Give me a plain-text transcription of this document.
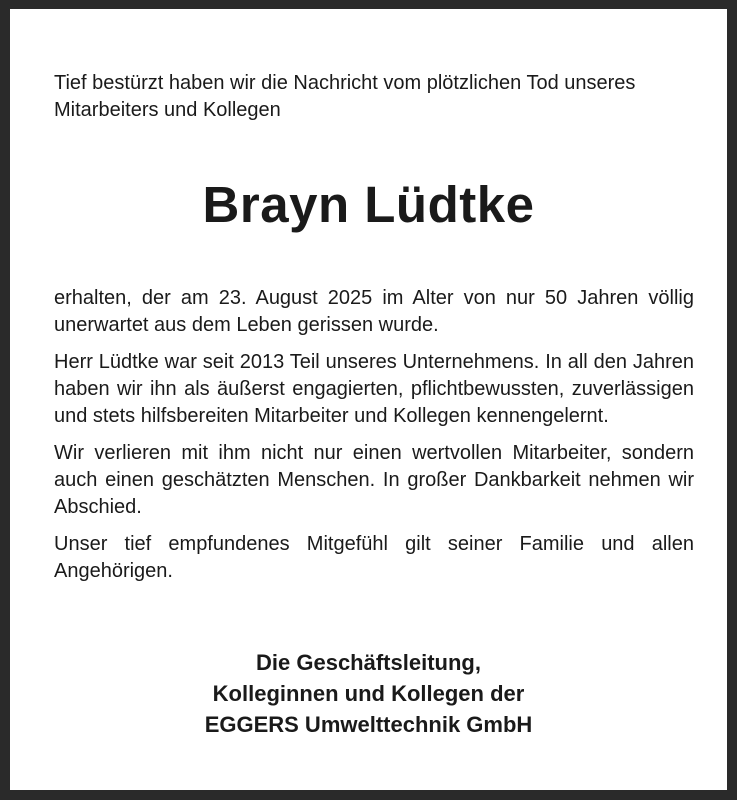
Tief bestürzt haben wir die Nachricht vom plötzlichen Tod unseres Mitarbeiters und Kollegen

Brayn Lüdtke

erhalten, der am 23. August 2025 im Alter von nur 50 Jahren völlig unerwartet aus dem Leben gerissen wurde.

Herr Lüdtke war seit 2013 Teil unseres Unternehmens. In all den Jahren haben wir ihn als äußerst engagierten, pflichtbewussten, zuverlässigen und stets hilfsbereiten Mitarbeiter und Kollegen kennengelernt.

Wir verlieren mit ihm nicht nur einen wertvollen Mitarbeiter, sondern auch einen geschätzten Menschen. In großer Dankbarkeit nehmen wir Abschied.

Unser tief empfundenes Mitgefühl gilt seiner Familie und allen Angehörigen.

Die Geschäftsleitung,
Kolleginnen und Kollegen der
EGGERS Umwelttechnik GmbH
